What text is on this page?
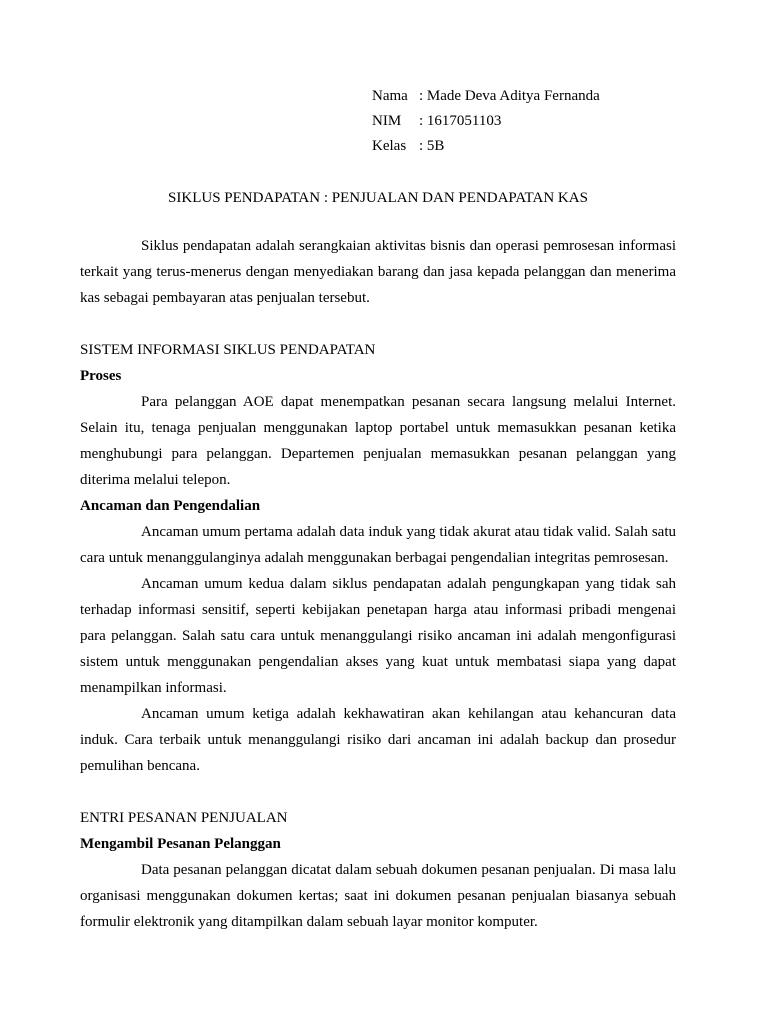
Nama : Made Deva Aditya Fernanda
NIM : 1617051103
Kelas : 5B
SIKLUS PENDAPATAN : PENJUALAN DAN PENDAPATAN KAS

Siklus pendapatan adalah serangkaian aktivitas bisnis dan operasi pemrosesan informasi terkait yang terus-menerus dengan menyediakan barang dan jasa kepada pelanggan dan menerima kas sebagai pembayaran atas penjualan tersebut.

SISTEM INFORMASI SIKLUS PENDAPATAN

Proses

Para pelanggan AOE dapat menempatkan pesanan secara langsung melalui Internet. Selain itu, tenaga penjualan menggunakan laptop portabel untuk memasukkan pesanan ketika menghubungi para pelanggan. Departemen penjualan memasukkan pesanan pelanggan yang diterima melalui telepon.

Ancaman dan Pengendalian

Ancaman umum pertama adalah data induk yang tidak akurat atau tidak valid. Salah satu cara untuk menanggulanginya adalah menggunakan berbagai pengendalian integritas pemrosesan.

Ancaman umum kedua dalam siklus pendapatan adalah pengungkapan yang tidak sah terhadap informasi sensitif, seperti kebijakan penetapan harga atau informasi pribadi mengenai para pelanggan. Salah satu cara untuk menanggulangi risiko ancaman ini adalah mengonfigurasi sistem untuk menggunakan pengendalian akses yang kuat untuk membatasi siapa yang dapat menampilkan informasi.

Ancaman umum ketiga adalah kekhawatiran akan kehilangan atau kehancuran data induk. Cara terbaik untuk menanggulangi risiko dari ancaman ini adalah backup dan prosedur pemulihan bencana.

ENTRI PESANAN PENJUALAN

Mengambil Pesanan Pelanggan

Data pesanan pelanggan dicatat dalam sebuah dokumen pesanan penjualan. Di masa lalu organisasi menggunakan dokumen kertas; saat ini dokumen pesanan penjualan biasanya sebuah formulir elektronik yang ditampilkan dalam sebuah layar monitor komputer.
